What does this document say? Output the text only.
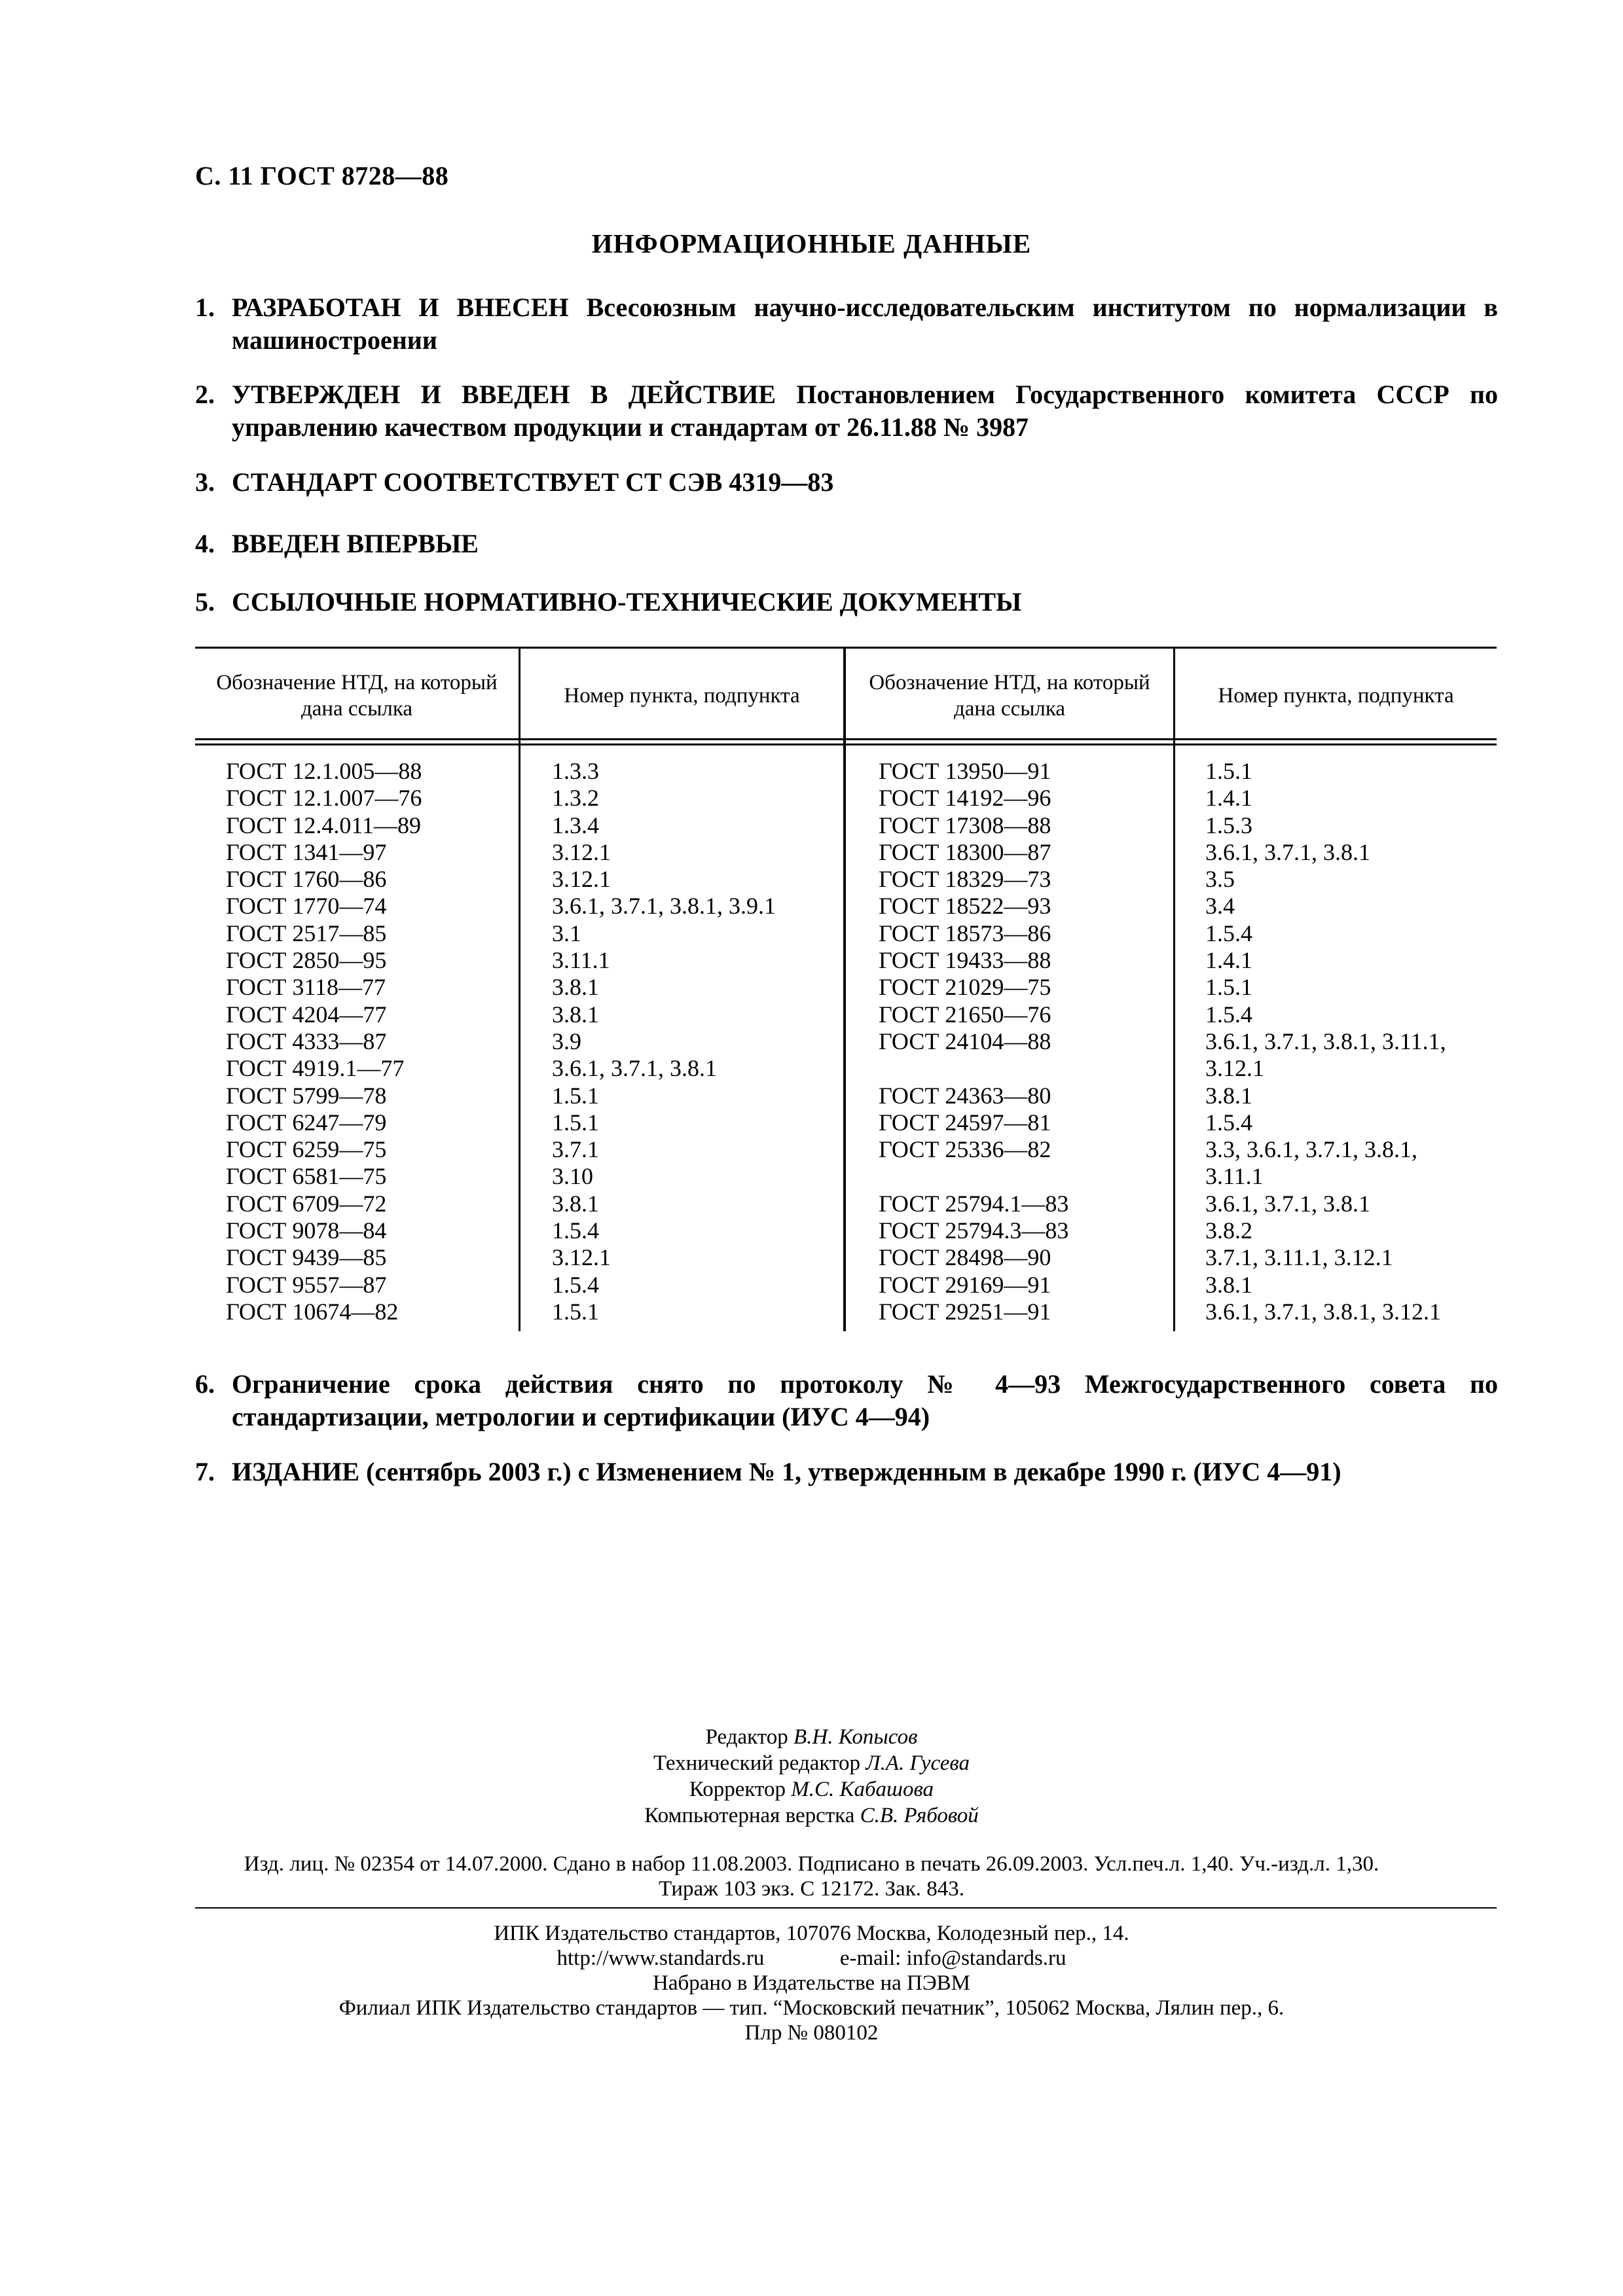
С. 11 ГОСТ 8728—88
ИНФОРМАЦИОННЫЕ ДАННЫЕ
1. РАЗРАБОТАН И ВНЕСЕН Всесоюзным научно-исследовательским институтом по нормализации в машиностроении
2. УТВЕРЖДЕН И ВВЕДЕН В ДЕЙСТВИЕ Постановлением Государственного комитета СССР по управлению качеством продукции и стандартам от 26.11.88 № 3987
3. СТАНДАРТ СООТВЕТСТВУЕТ СТ СЭВ 4319—83
4. ВВЕДЕН ВПЕРВЫЕ
5. ССЫЛОЧНЫЕ НОРМАТИВНО-ТЕХНИЧЕСКИЕ ДОКУМЕНТЫ
Обозначение НТД, на который дана ссылка
Номер пункта, подпункта
Обозначение НТД, на который дана ссылка
Номер пункта, подпункта
ГОСТ 12.1.005—88
ГОСТ 12.1.007—76
ГОСТ 12.4.011—89
ГОСТ 1341—97
ГОСТ 1760—86
ГОСТ 1770—74
ГОСТ 2517—85
ГОСТ 2850—95
ГОСТ 3118—77
ГОСТ 4204—77
ГОСТ 4333—87
ГОСТ 4919.1—77
ГОСТ 5799—78
ГОСТ 6247—79
ГОСТ 6259—75
ГОСТ 6581—75
ГОСТ 6709—72
ГОСТ 9078—84
ГОСТ 9439—85
ГОСТ 9557—87
ГОСТ 10674—82
1.3.3
1.3.2
1.3.4
3.12.1
3.12.1
3.6.1, 3.7.1, 3.8.1, 3.9.1
3.1
3.11.1
3.8.1
3.8.1
3.9
3.6.1, 3.7.1, 3.8.1
1.5.1
1.5.1
3.7.1
3.10
3.8.1
1.5.4
3.12.1
1.5.4
1.5.1
ГОСТ 13950—91
ГОСТ 14192—96
ГОСТ 17308—88
ГОСТ 18300—87
ГОСТ 18329—73
ГОСТ 18522—93
ГОСТ 18573—86
ГОСТ 19433—88
ГОСТ 21029—75
ГОСТ 21650—76
ГОСТ 24104—88
ГОСТ 24363—80
ГОСТ 24597—81
ГОСТ 25336—82
ГОСТ 25794.1—83
ГОСТ 25794.3—83
ГОСТ 28498—90
ГОСТ 29169—91
ГОСТ 29251—91
1.5.1
1.4.1
1.5.3
3.6.1, 3.7.1, 3.8.1
3.5
3.4
1.5.4
1.4.1
1.5.1
1.5.4
3.6.1, 3.7.1, 3.8.1, 3.11.1,
3.12.1
3.8.1
1.5.4
3.3, 3.6.1, 3.7.1, 3.8.1,
3.11.1
3.6.1, 3.7.1, 3.8.1
3.8.2
3.7.1, 3.11.1, 3.12.1
3.8.1
3.6.1, 3.7.1, 3.8.1, 3.12.1
6. Ограничение срока действия снято по протоколу № 4—93 Межгосударственного совета по стандартизации, метрологии и сертификации (ИУС 4—94)
7. ИЗДАНИЕ (сентябрь 2003 г.) с Изменением № 1, утвержденным в декабре 1990 г. (ИУС 4—91)
Редактор В.Н. Копысов
Технический редактор Л.А. Гусева
Корректор М.С. Кабашова
Компьютерная верстка С.В. Рябовой
Изд. лиц. № 02354 от 14.07.2000. Сдано в набор 11.08.2003. Подписано в печать 26.09.2003. Усл.печ.л. 1,40. Уч.-изд.л. 1,30.
Тираж 103 экз. С 12172. Зак. 843.
ИПК Издательство стандартов, 107076 Москва, Колодезный пер., 14.
http://www.standards.ru              e-mail: info@standards.ru
Набрано в Издательстве на ПЭВМ
Филиал ИПК Издательство стандартов — тип. “Московский печатник”, 105062 Москва, Лялин пер., 6.
Плр № 080102
